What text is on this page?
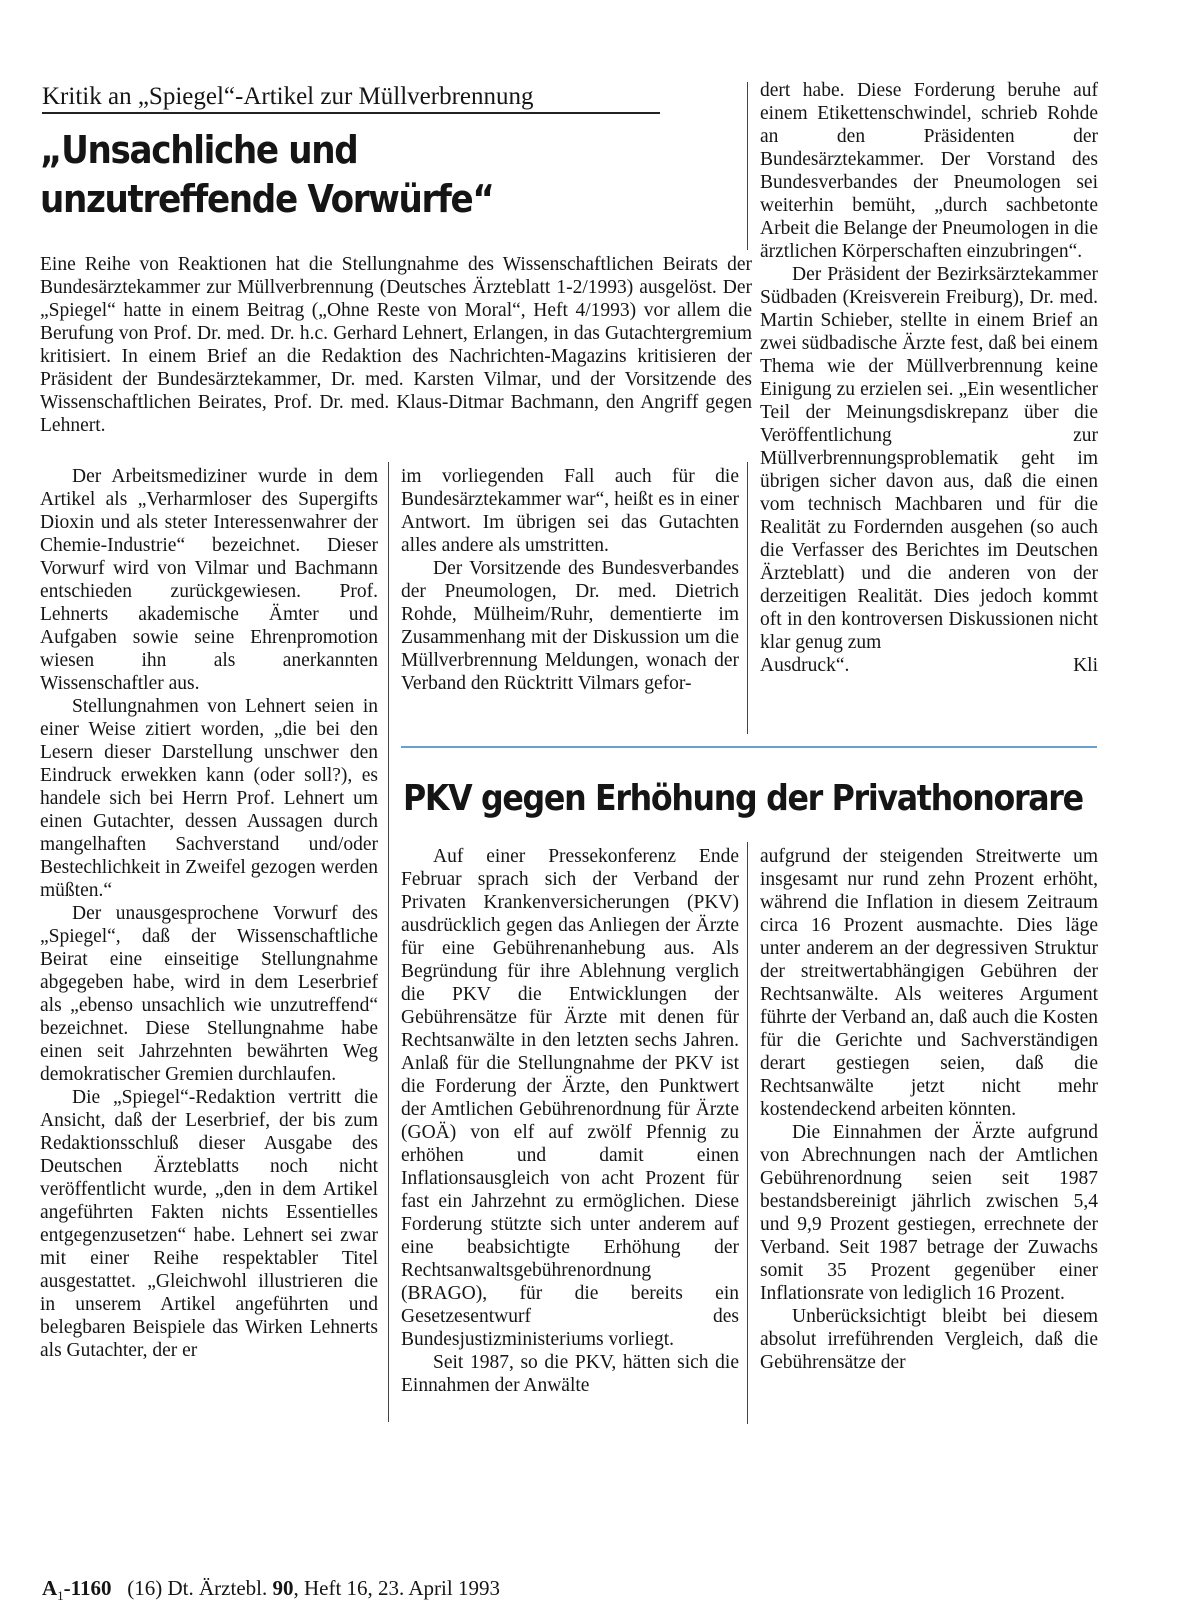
Kritik an „Spiegel“-Artikel zur Müllverbrennung
„Unsachliche und
unzutreffende Vorwürfe“

Eine Reihe von Reaktionen hat die Stellungnahme des Wissenschaftlichen Beirats der Bundesärztekammer zur Müllverbrennung (Deutsches Ärzteblatt 1-2/1993) ausgelöst. Der „Spiegel“ hatte in einem Beitrag („Ohne Reste von Moral“, Heft 4/1993) vor allem die Berufung von Prof. Dr. med. Dr. h.c. Gerhard Lehnert, Erlangen, in das Gutachtergremium kritisiert. In einem Brief an die Redaktion des Nachrichten-Magazins kritisieren der Präsident der Bundesärztekammer, Dr. med. Karsten Vilmar, und der Vorsitzende des Wissenschaftlichen Beirates, Prof. Dr. med. Klaus-Ditmar Bachmann, den Angriff gegen Lehnert.

Der Arbeitsmediziner wurde in dem Artikel als „Verharmloser des Supergifts Dioxin und als steter Interessenwahrer der Chemie-Industrie“ bezeichnet. Dieser Vorwurf wird von Vilmar und Bachmann entschieden zurückgewiesen. Prof. Lehnerts akademische Ämter und Aufgaben sowie seine Ehrenpromotion wiesen ihn als anerkannten Wissenschaftler aus.

Stellungnahmen von Lehnert seien in einer Weise zitiert worden, „die bei den Lesern dieser Darstellung unschwer den Eindruck erwekken kann (oder soll?), es handele sich bei Herrn Prof. Lehnert um einen Gutachter, dessen Aussagen durch mangelhaften Sachverstand und/oder Bestechlichkeit in Zweifel gezogen werden müßten.“

Der unausgesprochene Vorwurf des „Spiegel“, daß der Wissenschaftliche Beirat eine einseitige Stellungnahme abgegeben habe, wird in dem Leserbrief als „ebenso unsachlich wie unzutreffend“ bezeichnet. Diese Stellungnahme habe einen seit Jahrzehnten bewährten Weg demokratischer Gremien durchlaufen.

Die „Spiegel“-Redaktion vertritt die Ansicht, daß der Leserbrief, der bis zum Redaktionsschluß dieser Ausgabe des Deutschen Ärzteblatts noch nicht veröffentlicht wurde, „den in dem Artikel angeführten Fakten nichts Essentielles entgegenzusetzen“ habe. Lehnert sei zwar mit einer Reihe respektabler Titel ausgestattet. „Gleichwohl illustrieren die in unserem Artikel angeführten und belegbaren Beispiele das Wirken Lehnerts als Gutachter, der er

im vorliegenden Fall auch für die Bundesärztekammer war“, heißt es in einer Antwort. Im übrigen sei das Gutachten alles andere als umstritten.

Der Vorsitzende des Bundesverbandes der Pneumologen, Dr. med. Dietrich Rohde, Mülheim/Ruhr, dementierte im Zusammenhang mit der Diskussion um die Müllverbrennung Meldungen, wonach der Verband den Rücktritt Vilmars gefor-

dert habe. Diese Forderung beruhe auf einem Etikettenschwindel, schrieb Rohde an den Präsidenten der Bundesärztekammer. Der Vorstand des Bundesverbandes der Pneumologen sei weiterhin bemüht, „durch sachbetonte Arbeit die Belange der Pneumologen in die ärztlichen Körperschaften einzubringen“.

Der Präsident der Bezirksärztekammer Südbaden (Kreisverein Freiburg), Dr. med. Martin Schieber, stellte in einem Brief an zwei südbadische Ärzte fest, daß bei einem Thema wie der Müllverbrennung keine Einigung zu erzielen sei. „Ein wesentlicher Teil der Meinungsdiskrepanz über die Veröffentlichung zur Müllverbrennungsproblematik geht im übrigen sicher davon aus, daß die einen vom technisch Machbaren und für die Realität zu Fordernden ausgehen (so auch die Verfasser des Berichtes im Deutschen Ärzteblatt) und die anderen von der derzeitigen Realität. Dies jedoch kommt oft in den kontroversen Diskussionen nicht klar genug zum

Ausdruck“.	Kli
PKV gegen Erhöhung der Privathonorare

Auf einer Pressekonferenz Ende Februar sprach sich der Verband der Privaten Krankenversicherungen (PKV) ausdrücklich gegen das Anliegen der Ärzte für eine Gebührenanhebung aus. Als Begründung für ihre Ablehnung verglich die PKV die Entwicklungen der Gebührensätze für Ärzte mit denen für Rechtsanwälte in den letzten sechs Jahren. Anlaß für die Stellungnahme der PKV ist die Forderung der Ärzte, den Punktwert der Amtlichen Gebührenordnung für Ärzte (GOÄ) von elf auf zwölf Pfennig zu erhöhen und damit einen Inflationsausgleich von acht Prozent für fast ein Jahrzehnt zu ermöglichen. Diese Forderung stützte sich unter anderem auf eine beabsichtigte Erhöhung der Rechtsanwaltsgebührenordnung (BRAGO), für die bereits ein Gesetzesentwurf des Bundesjustizministeriums vorliegt.

Seit 1987, so die PKV, hätten sich die Einnahmen der Anwälte

aufgrund der steigenden Streitwerte um insgesamt nur rund zehn Prozent erhöht, während die Inflation in diesem Zeitraum circa 16 Prozent ausmachte. Dies läge unter anderem an der degressiven Struktur der streitwertabhängigen Gebühren der Rechtsanwälte. Als weiteres Argument führte der Verband an, daß auch die Kosten für die Gerichte und Sachverständigen derart gestiegen seien, daß die Rechtsanwälte jetzt nicht mehr kostendeckend arbeiten könnten.

Die Einnahmen der Ärzte aufgrund von Abrechnungen nach der Amtlichen Gebührenordnung seien seit 1987 bestandsbereinigt jährlich zwischen 5,4 und 9,9 Prozent gestiegen, errechnete der Verband. Seit 1987 betrage der Zuwachs somit 35 Prozent gegenüber einer Inflationsrate von lediglich 16 Prozent.

Unberücksichtigt bleibt bei diesem absolut irreführenden Vergleich, daß die Gebührensätze der

$A_1-1160$ (16) Dt. Ärztebl. 90, Heft 16, 23. April 1993
